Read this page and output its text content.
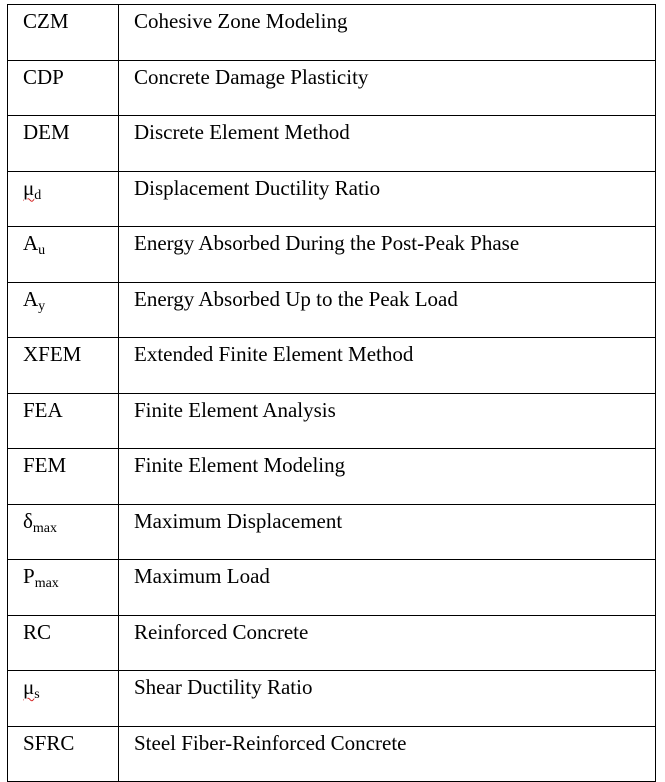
CZM	Cohesive Zone Modeling
CDP	Concrete Damage Plasticity
DEM	Discrete Element Method
$\mu_d$	Displacement Ductility Ratio
$A_u$	Energy Absorbed During the Post-Peak Phase
$A_y$	Energy Absorbed Up to the Peak Load
XFEM	Extended Finite Element Method
FEA	Finite Element Analysis
FEM	Finite Element Modeling
$\delta_{max}$	Maximum Displacement
$P_{max}$	Maximum Load
RC	Reinforced Concrete
$\mu_s$	Shear Ductility Ratio
SFRC	Steel Fiber-Reinforced Concrete
